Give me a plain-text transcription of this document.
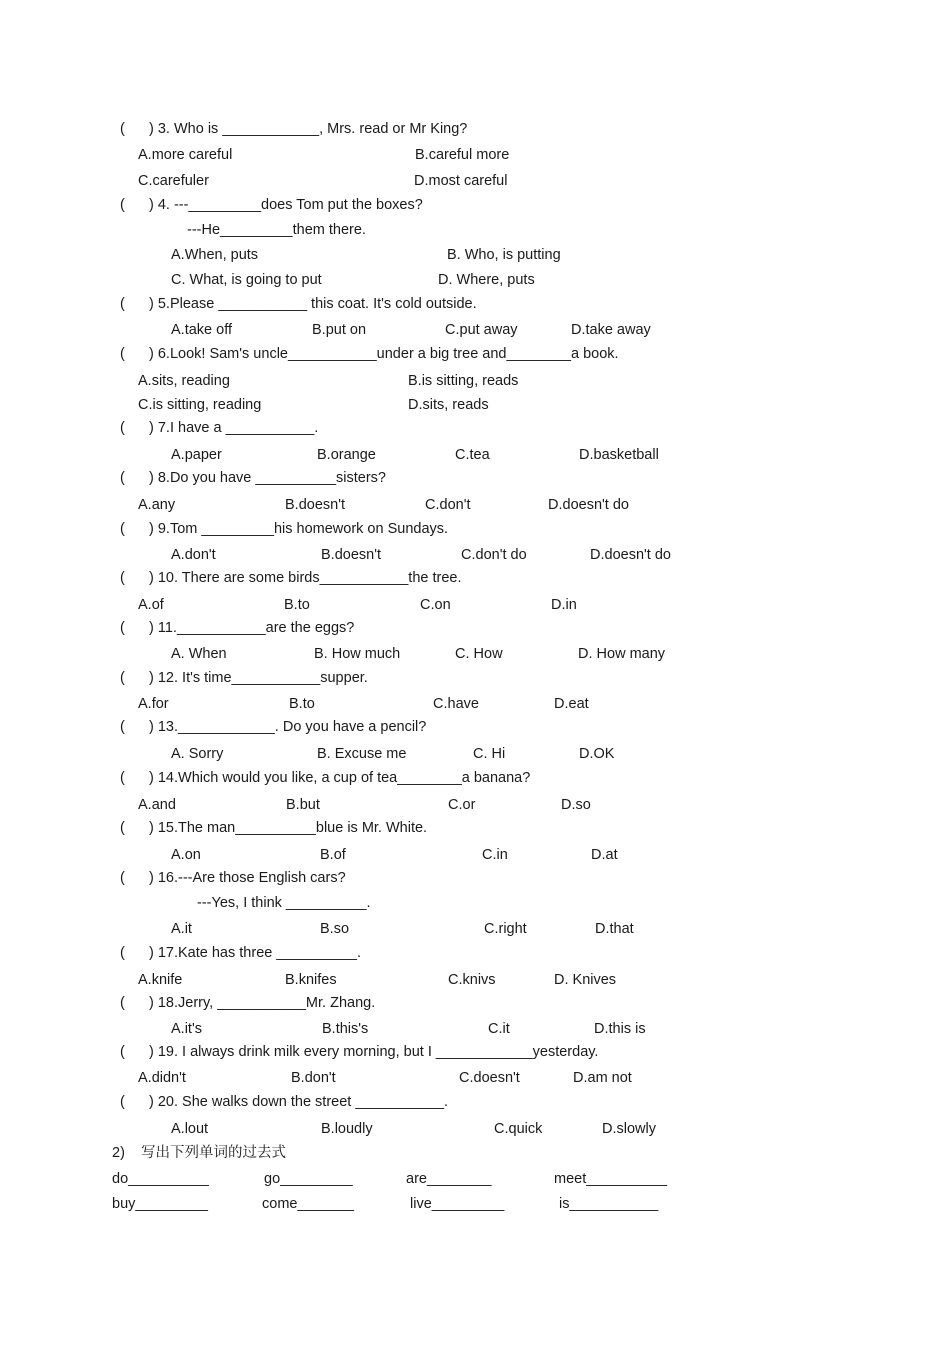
(      ) 3. Who is ____________, Mrs. read or Mr King?
A.more careful	B.careful more
C.carefuler	D.most careful
(      ) 4. ---_________does Tom put the boxes?
---He_________them there.
A.When, puts	B. Who, is putting
C. What, is going to put	D. Where, puts
(      ) 5.Please ___________ this coat. It's cold outside.
A.take off	B.put on	C.put away	D.take away
(      ) 6.Look! Sam's uncle___________under a big tree and________a book.
A.sits, reading	B.is sitting, reads
C.is sitting, reading	D.sits, reads
(      ) 7.I have a ___________.
A.paper	B.orange	C.tea	D.basketball
(      ) 8.Do you have __________sisters?
A.any	B.doesn't	C.don't	D.doesn't do
(      ) 9.Tom _________his homework on Sundays.
A.don't	B.doesn't	C.don't do	D.doesn't do
(      ) 10. There are some birds___________the tree.
A.of	B.to	C.on	D.in
(      ) 11.___________are the eggs?
A. When	B. How much	C. How	D. How many
(      ) 12. It's time___________supper.
A.for	B.to	C.have	D.eat
(      ) 13.____________. Do you have a pencil?
A. Sorry	B. Excuse me	C. Hi	D.OK
(      ) 14.Which would you like, a cup of tea________a banana?
A.and	B.but	C.or	D.so
(      ) 15.The man__________blue is Mr. White.
A.on	B.of	C.in	D.at
(      ) 16.---Are those English cars?
---Yes, I think __________.
A.it	B.so	C.right	D.that
(      ) 17.Kate has three __________.
A.knife	B.knifes	C.knivs	D. Knives
(      ) 18.Jerry, ___________Mr. Zhang.
A.it's	B.this's	C.it	D.this is
(      ) 19. I always drink milk every morning, but I ____________yesterday.
A.didn't	B.don't	C.doesn't	D.am not
(      ) 20. She walks down the street ___________.
A.lout	B.loudly	C.quick	D.slowly
2)    写出下列单词的过去式
do__________	go_________	are________	meet__________
buy_________	come_______	live_________	is___________
